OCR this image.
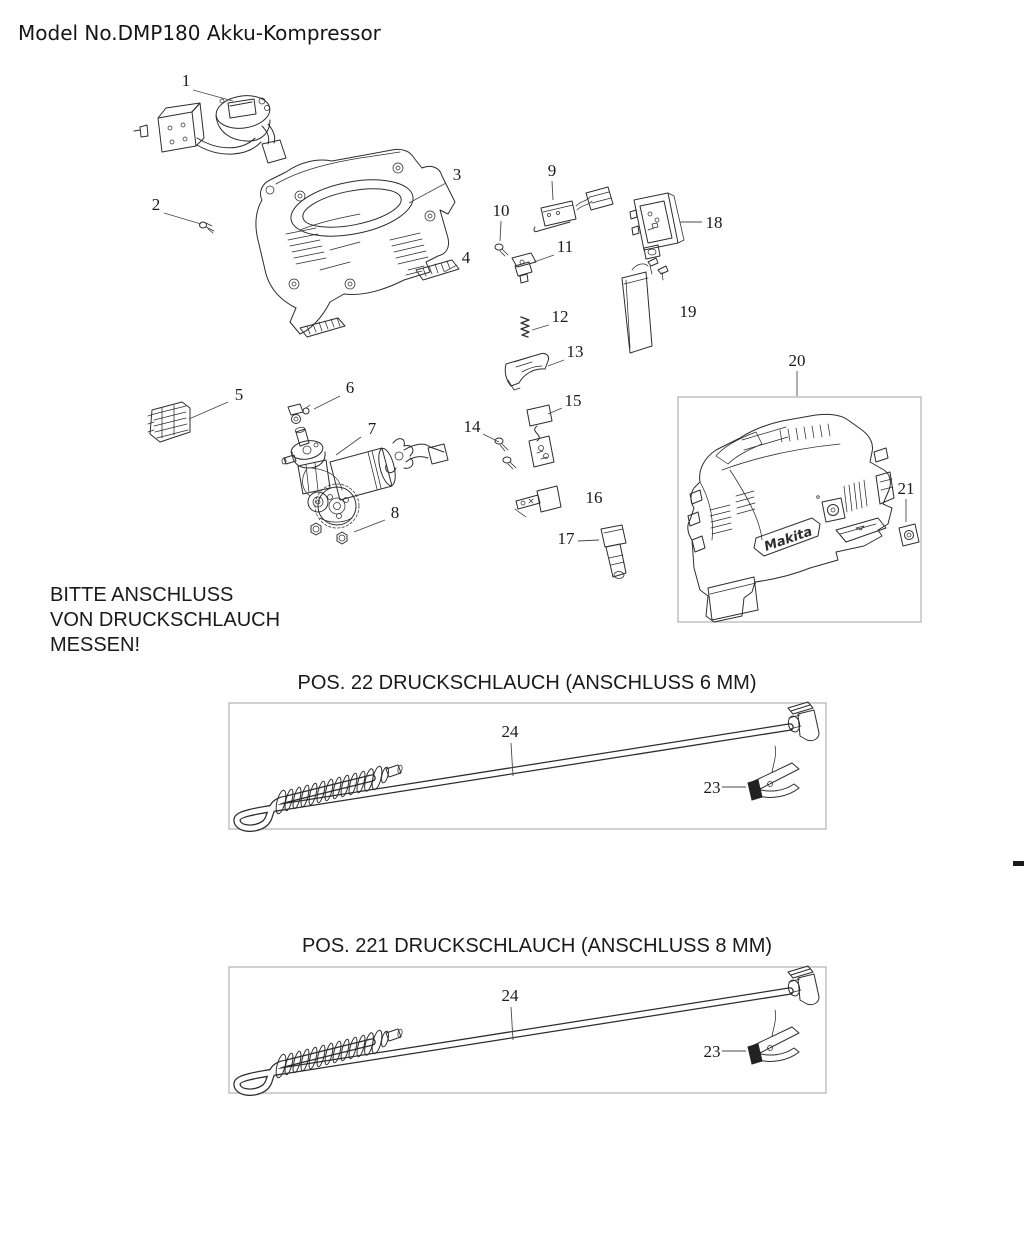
Model No.DMP180 Akku-Kompressor
BITTE ANSCHLUSS
VON DRUCKSCHLAUCH
MESSEN!
POS. 22 DRUCKSCHLAUCH (ANSCHLUSS 6 MM)
POS. 221 DRUCKSCHLAUCH (ANSCHLUSS 8 MM)
Makita
1
2
3
4
5	6
7
8
9
10
11
12
13
14
15
16
17
18
19
20
21
24
23
24
23
